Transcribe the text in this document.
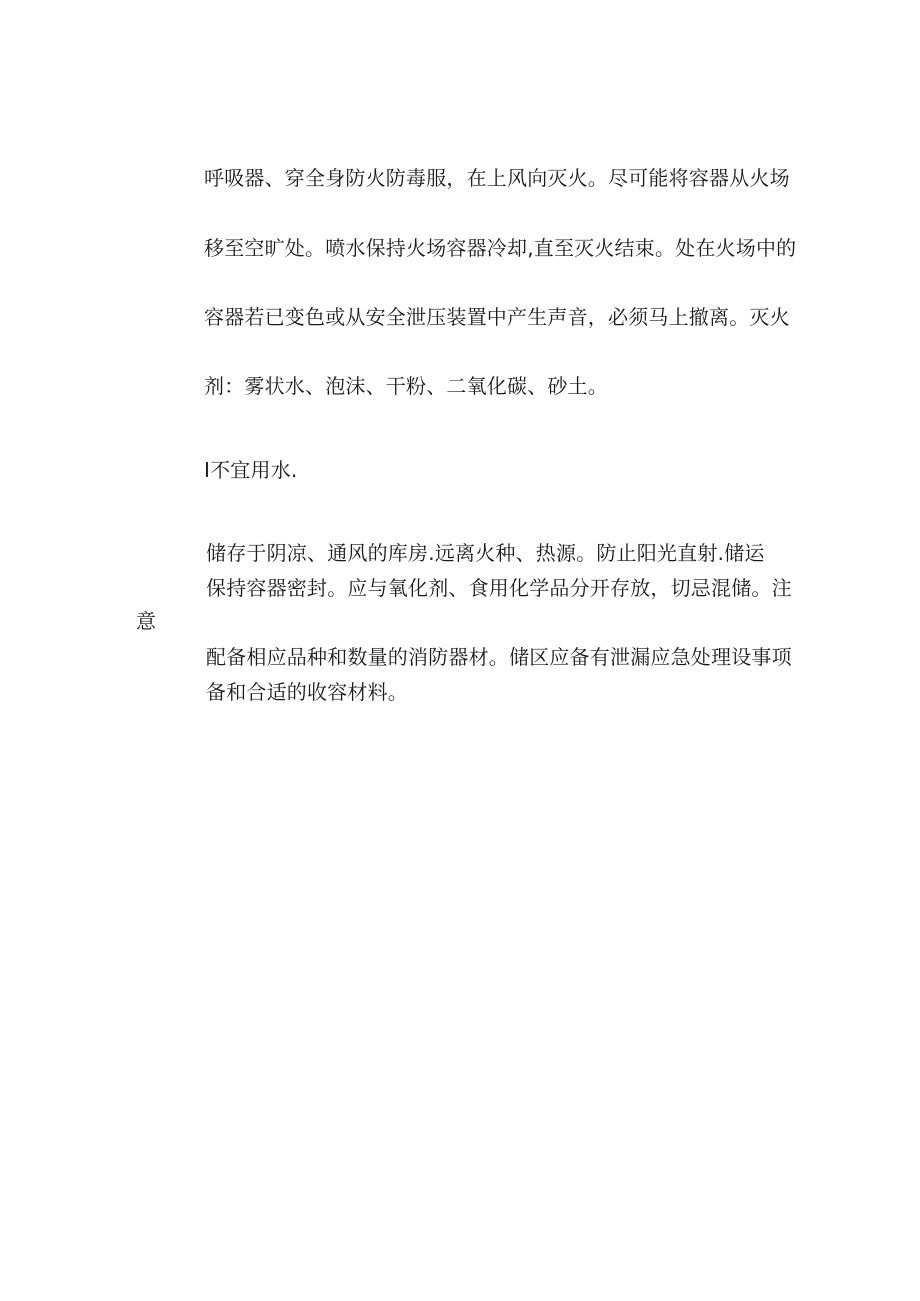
呼吸器、穿全身防火防毒服，在上风向灭火。尽可能将容器从火场
移至空旷处。喷水保持火场容器冷却,直至灭火结束。处在火场中的
容器若已变色或从安全泄压装置中产生声音，必须马上撤离。灭火
剂：雾状水、泡沫、干粉、二氧化碳、砂土。
I不宜用水.
储存于阴凉、通风的库房.远离火种、热源。防止阳光直射.储运
保持容器密封。应与氧化剂、食用化学品分开存放，切忌混储。注
意
配备相应品种和数量的消防器材。储区应备有泄漏应急处理设事项
备和合适的收容材料。
